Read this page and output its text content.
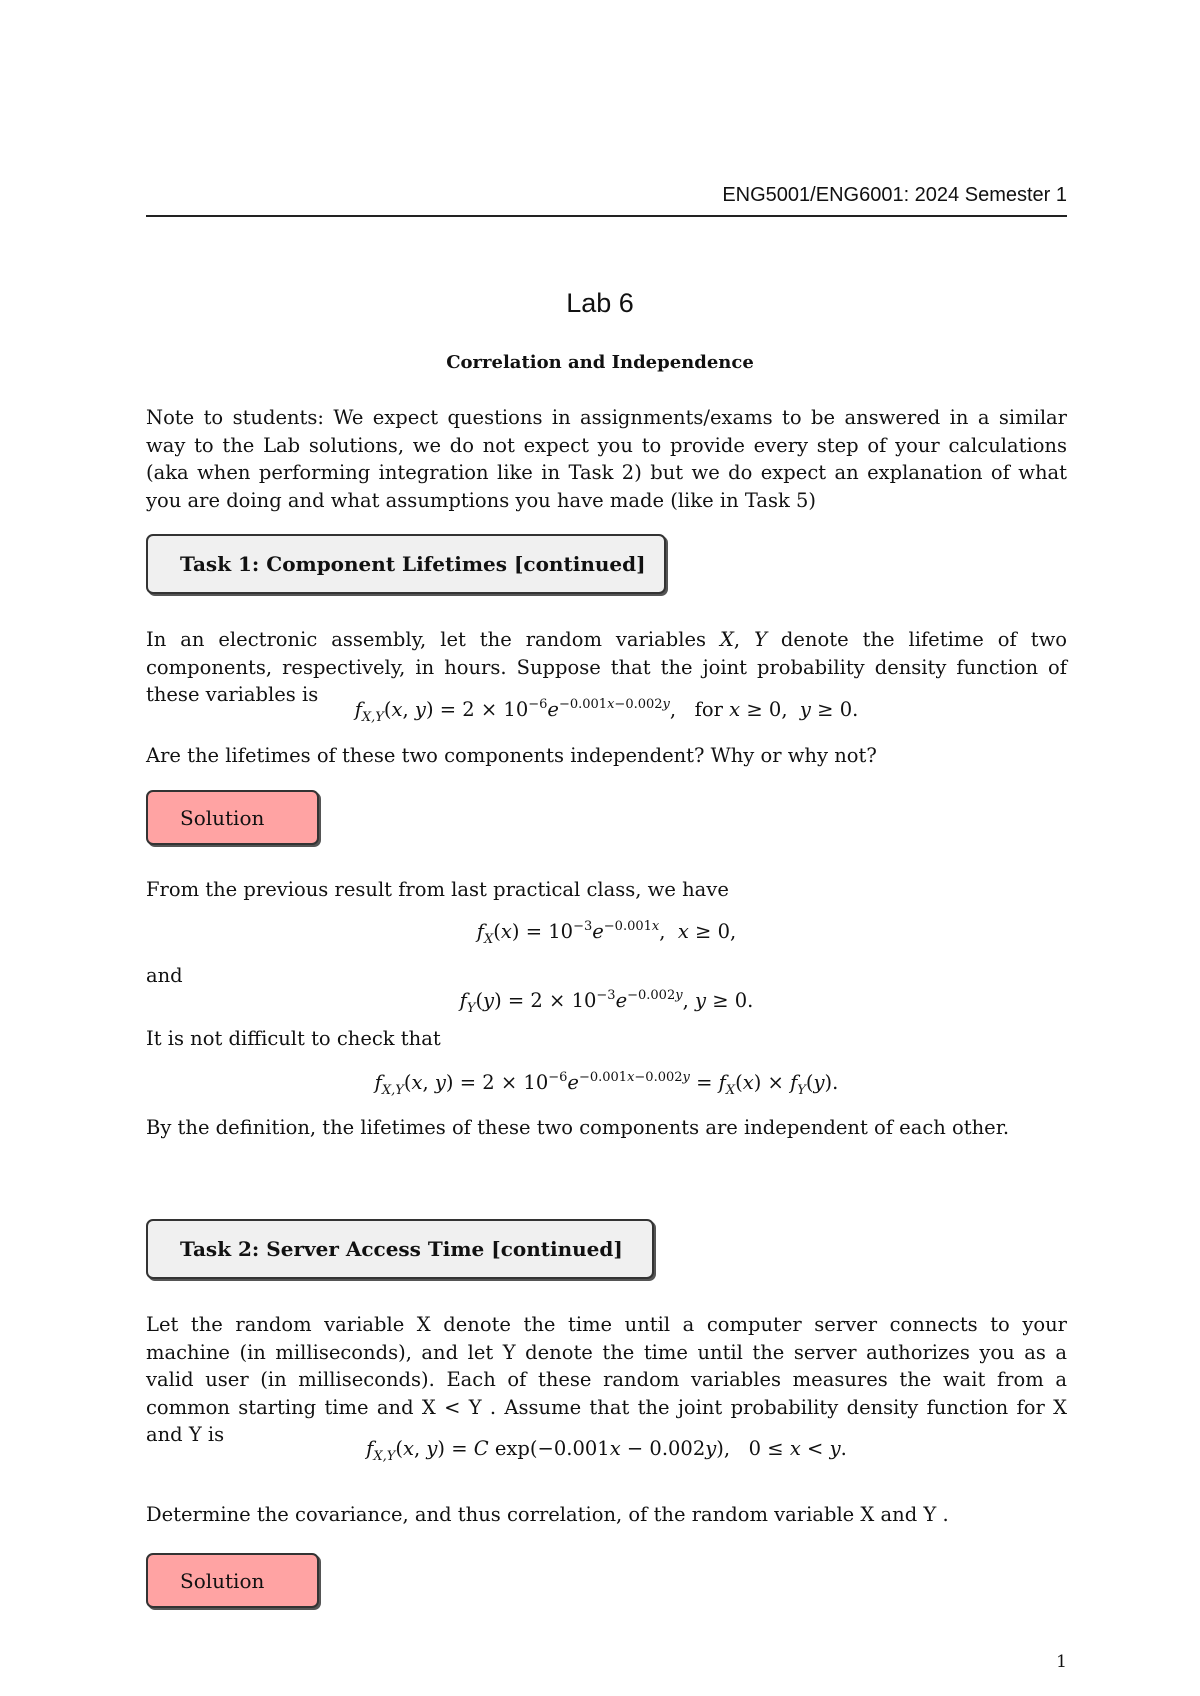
ENG5001/ENG6001: 2024 Semester 1
Lab 6
Correlation and Independence
Note to students: We expect questions in assignments/exams to be answered in a similar way to the Lab solutions, we do not expect you to provide every step of your calculations (aka when performing integration like in Task 2) but we do expect an explanation of what you are doing and what assumptions you have made (like in Task 5)
Task 1: Component Lifetimes [continued]
In an electronic assembly, let the random variables X, Y denote the lifetime of two components, respectively, in hours. Suppose that the joint probability density function of these variables is
$f_{X,Y}(x$, $y) = 2 \times 10^{-6}e^{-0.001x-0.002y}$,   for x ≥ 0,  y ≥ 0.
Are the lifetimes of these two components independent? Why or why not?
Solution
From the previous result from last practical class, we have
$f_X(x) = 10^{-3}e^{-0.001x}$,  x ≥ 0,
and
$f_Y(y) = 2 \times 10^{-3}e^{-0.002y}$, y ≥ 0.
It is not difficult to check that
$f_{X,Y}(x$, $y) = 2 \times 10^{-6}e^{-0.001x-0.002y} = f_X(x) \times f_Y(y)$.
By the definition, the lifetimes of these two components are independent of each other.
Task 2: Server Access Time [continued]
Let the random variable X denote the time until a computer server connects to your machine (in milliseconds), and let Y denote the time until the server authorizes you as a valid user (in milliseconds). Each of these random variables measures the wait from a common starting time and X < Y . Assume that the joint probability density function for X and Y is
$f_{X,Y}(x$, y) = C exp(−0.001x − 0.002y),   0 ≤ x < y.
Determine the covariance, and thus correlation, of the random variable X and Y .
Solution
1
